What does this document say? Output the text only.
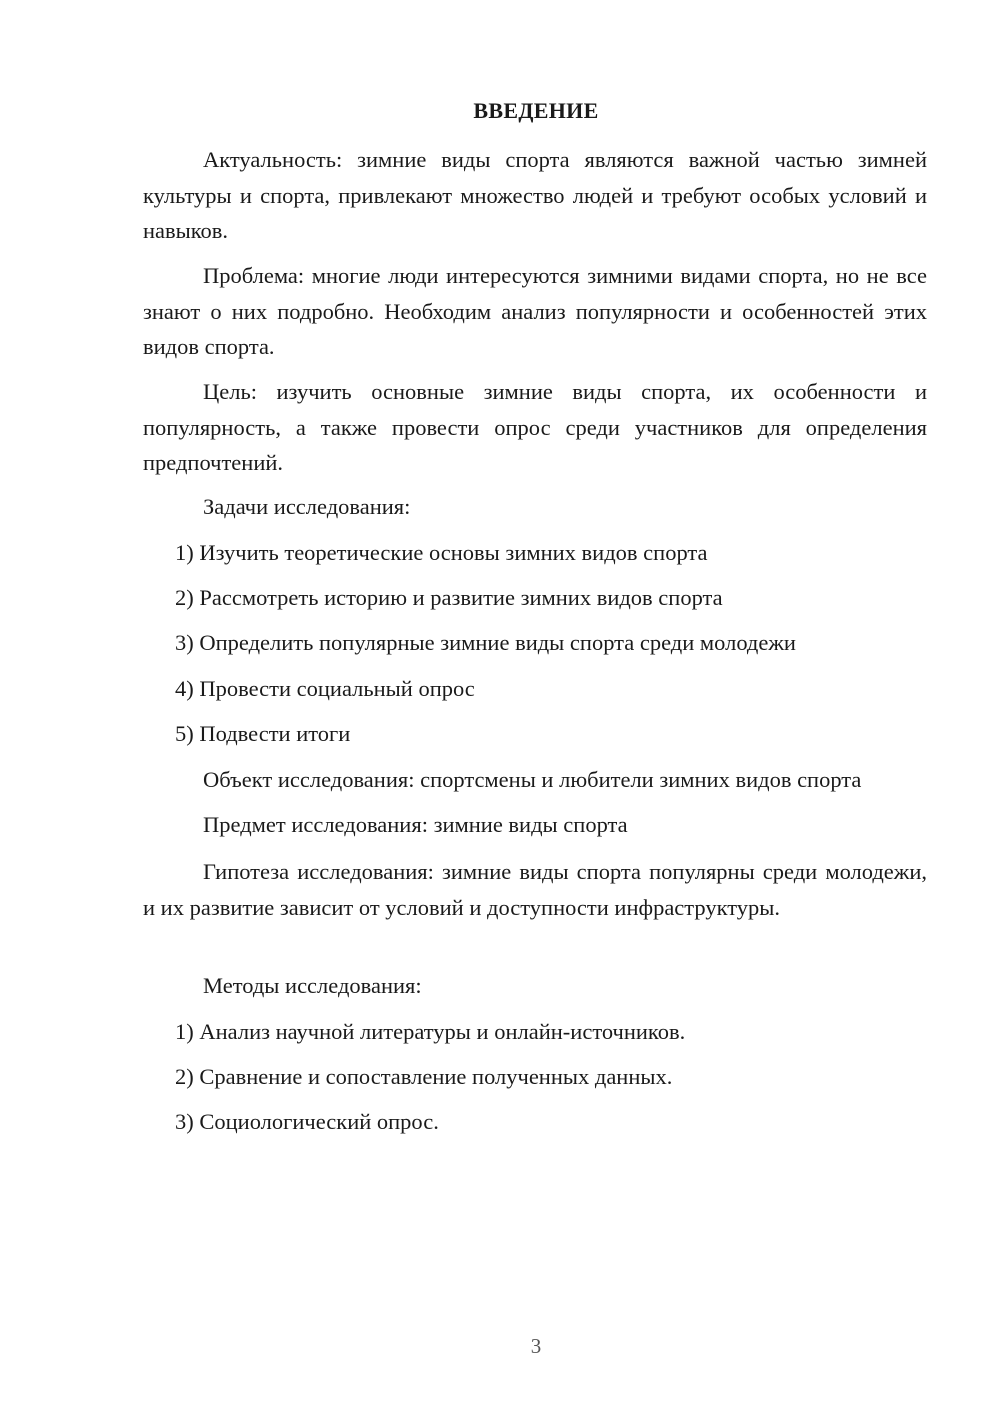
ВВЕДЕНИЕ

Актуальность: зимние виды спорта являются важной частью зимней культуры и спорта, привлекают множество людей и требуют особых условий и навыков.

Проблема: многие люди интересуются зимними видами спорта, но не все знают о них подробно. Необходим анализ популярности и особенностей этих видов спорта.

Цель: изучить основные зимние виды спорта, их особенности и популярность, а также провести опрос среди участников для определения предпочтений.

Задачи исследования:

1) Изучить теоретические основы зимних видов спорта

2) Рассмотреть историю и развитие зимних видов спорта

3) Определить популярные зимние виды спорта среди молодежи

4) Провести социальный опрос

5) Подвести итоги

Объект исследования: спортсмены и любители зимних видов спорта

Предмет исследования: зимние виды спорта

Гипотеза исследования: зимние виды спорта популярны среди молодежи, и их развитие зависит от условий и доступности инфраструктуры.

Методы исследования:

1) Анализ научной литературы и онлайн-источников.

2) Сравнение и сопоставление полученных данных.

3) Социологический опрос.

3
